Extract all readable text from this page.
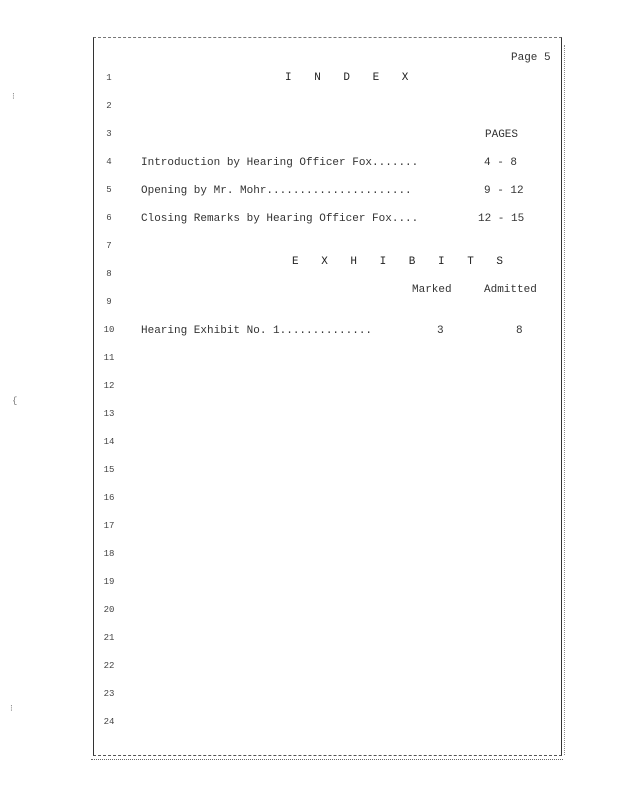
⁝
{
⁝
Page 5
1
2
3
4
5
6
7
8
9
10
11
12
13
14
15
16
17
18
19
20
21
22
23
24
I N D E X
PAGES
Introduction by Hearing Officer Fox.......	4 - 8
Opening by Mr. Mohr......................	9 - 12
Closing Remarks by Hearing Officer Fox....	12 - 15
E X H I B I T S
Marked	Admitted
Hearing Exhibit No. 1..............	3	8
